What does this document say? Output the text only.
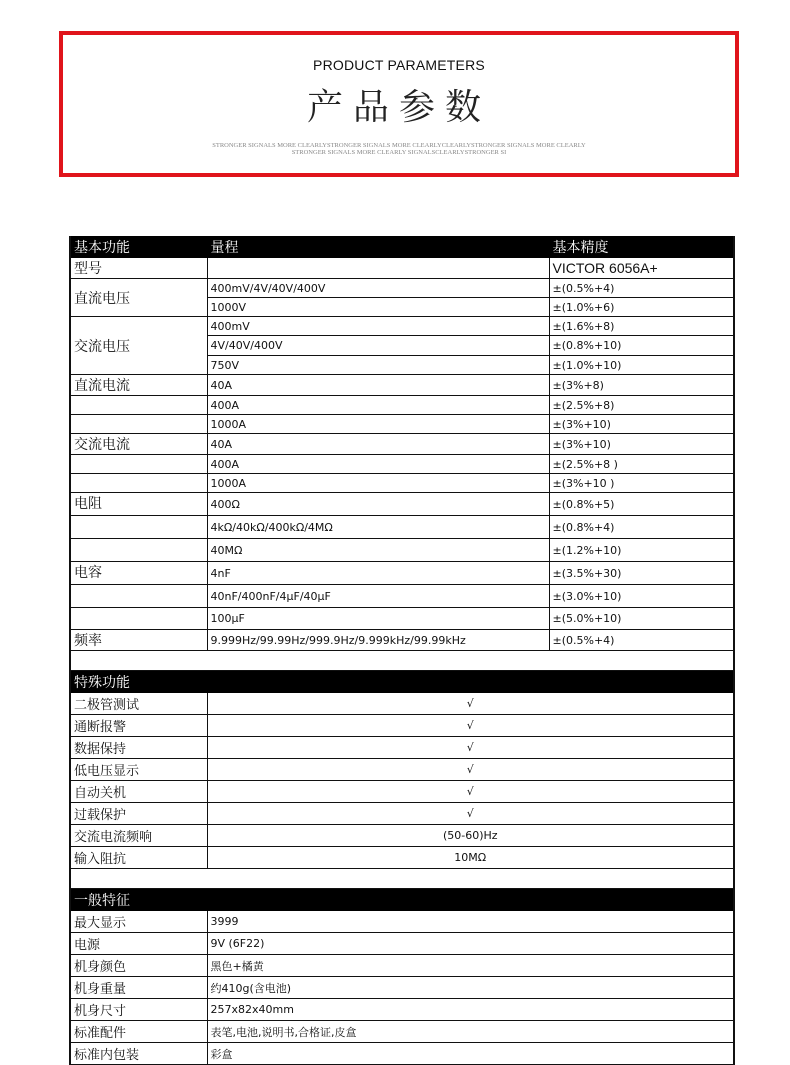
PRODUCT PARAMETERS
产品参数
STRONGER SIGNALS MORE CLEARLYSTRONGER SIGNALS MORE CLEARLYCLEARLYSTRONGER SIGNALS MORE CLEARLY
STRONGER SIGNALS MORE CLEARLY SIGNALSCLEARLYSTRONGER SI
基本功能	量程	基本精度
型号		VICTOR 6056A+
直流电压	400mV/4V/40V/400V	±(0.5%+4)
	1000V	±(1.0%+6)
交流电压	400mV	±(1.6%+8)
	4V/40V/400V	±(0.8%+10)
	750V	±(1.0%+10)
直流电流	40A	±(3%+8)
	400A	±(2.5%+8)
	1000A	±(3%+10)
交流电流	40A	±(3%+10)
	400A	±(2.5%+8 )
	1000A	±(3%+10 )
电阻	400Ω	±(0.8%+5)
	4kΩ/40kΩ/400kΩ/4MΩ	±(0.8%+4)
	40MΩ	±(1.2%+10)
电容	4nF	±(3.5%+30)
	40nF/400nF/4μF/40μF	±(3.0%+10)
	100μF	±(5.0%+10)
频率	9.999Hz/99.99Hz/999.9Hz/9.999kHz/99.99kHz	±(0.5%+4)

特殊功能		
二极管测试	√	
通断报警	√	
数据保持	√	
低电压显示	√	
自动关机	√	
过载保护	√	
交流电流频响	(50-60)Hz	
输入阻抗	10MΩ	

一般特征		
最大显示	3999	
电源	9V (6F22)	
机身颜色	黑色+橘黄	
机身重量	约410g(含电池)	
机身尺寸	257x82x40mm	
标准配件	表笔,电池,说明书,合格证,皮盒	
标准内包装	彩盒	
